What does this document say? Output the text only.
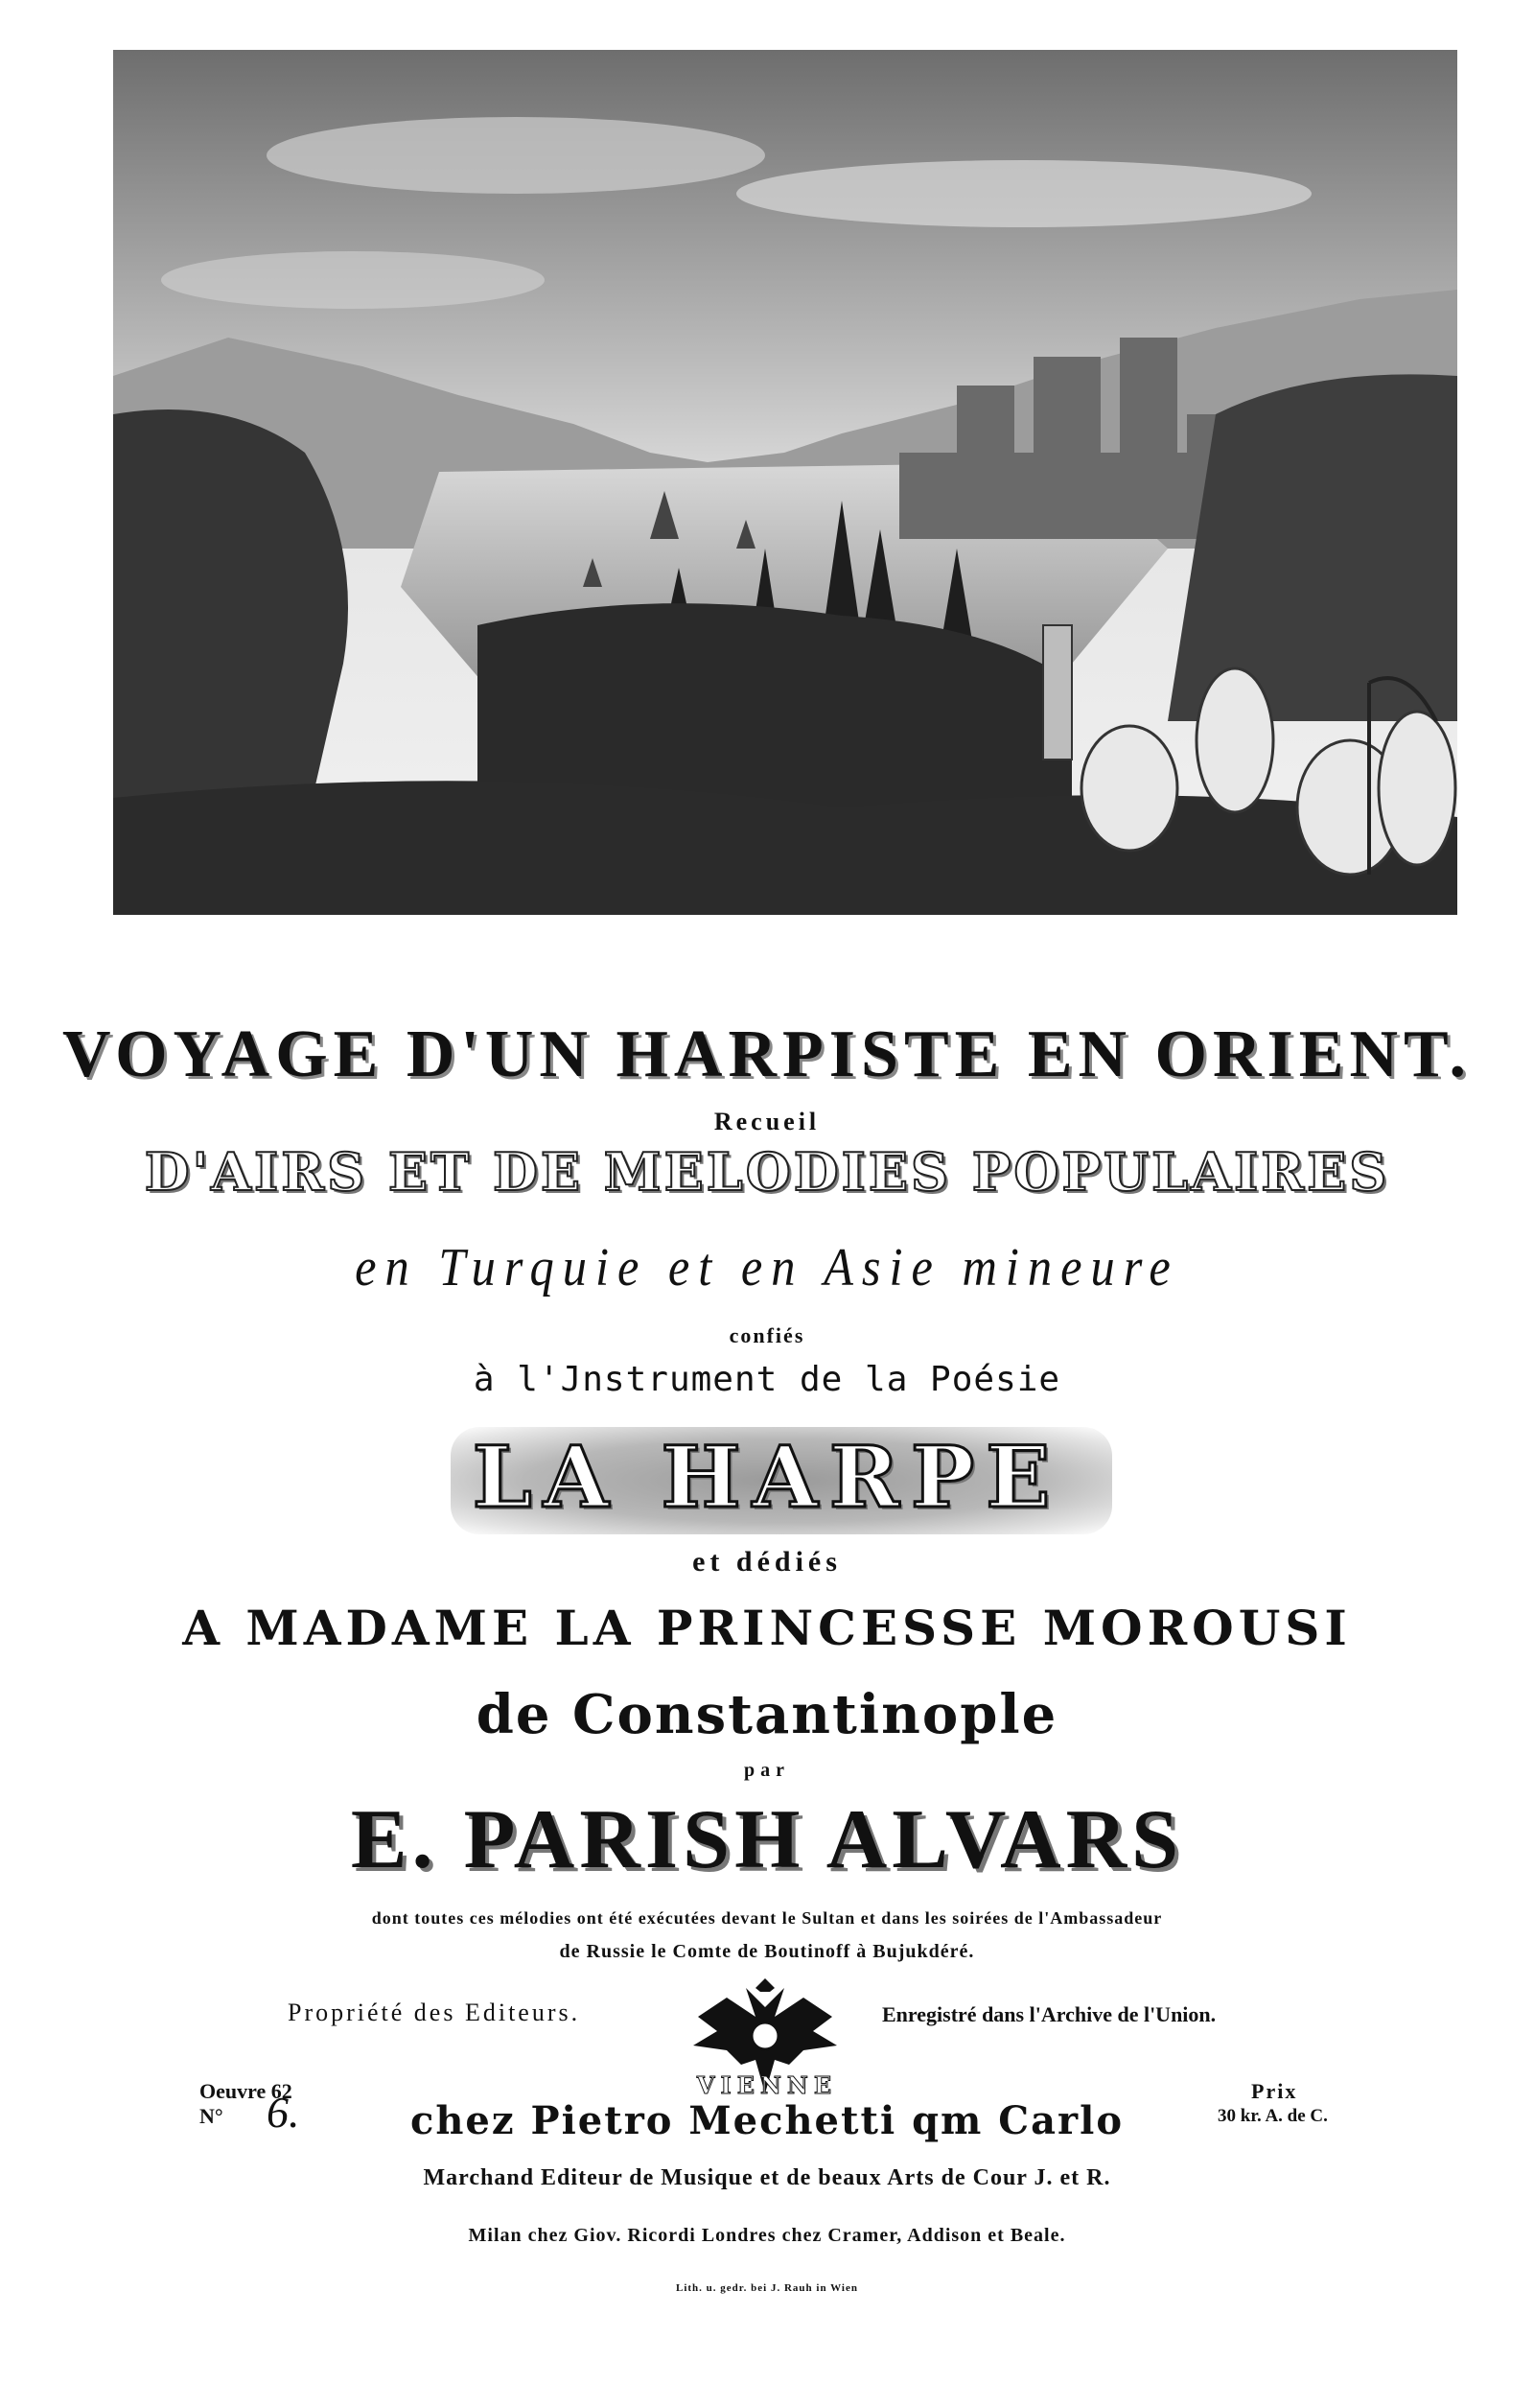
VOYAGE D'UN HARPISTE EN ORIENT.
Recueil
D'AIRS ET DE MELODIES POPULAIRES
en Turquie et en Asie mineure
confiés
à l'Jnstrument de la Poésie
LA HARPE
et dédiés
A MADAME LA PRINCESSE MOROUSI
de Constantinople
par
E. PARISH ALVARS
dont toutes ces mélodies ont été exécutées devant le Sultan et dans les soirées de l'Ambassadeur
de Russie le Comte de Boutinoff à Bujukdéré.
Propriété des Editeurs.	Enregistré dans l'Archive de l'Union.
Oeuvre 62
N° 6.	Prix
30 kr. A. de C.
VIENNE
chez Pietro Mechetti qm Carlo
Marchand Editeur de Musique et de beaux Arts de Cour J. et R.
Milan chez Giov. Ricordi Londres chez Cramer, Addison et Beale.
Lith. u. gedr. bei J. Rauh in Wien
